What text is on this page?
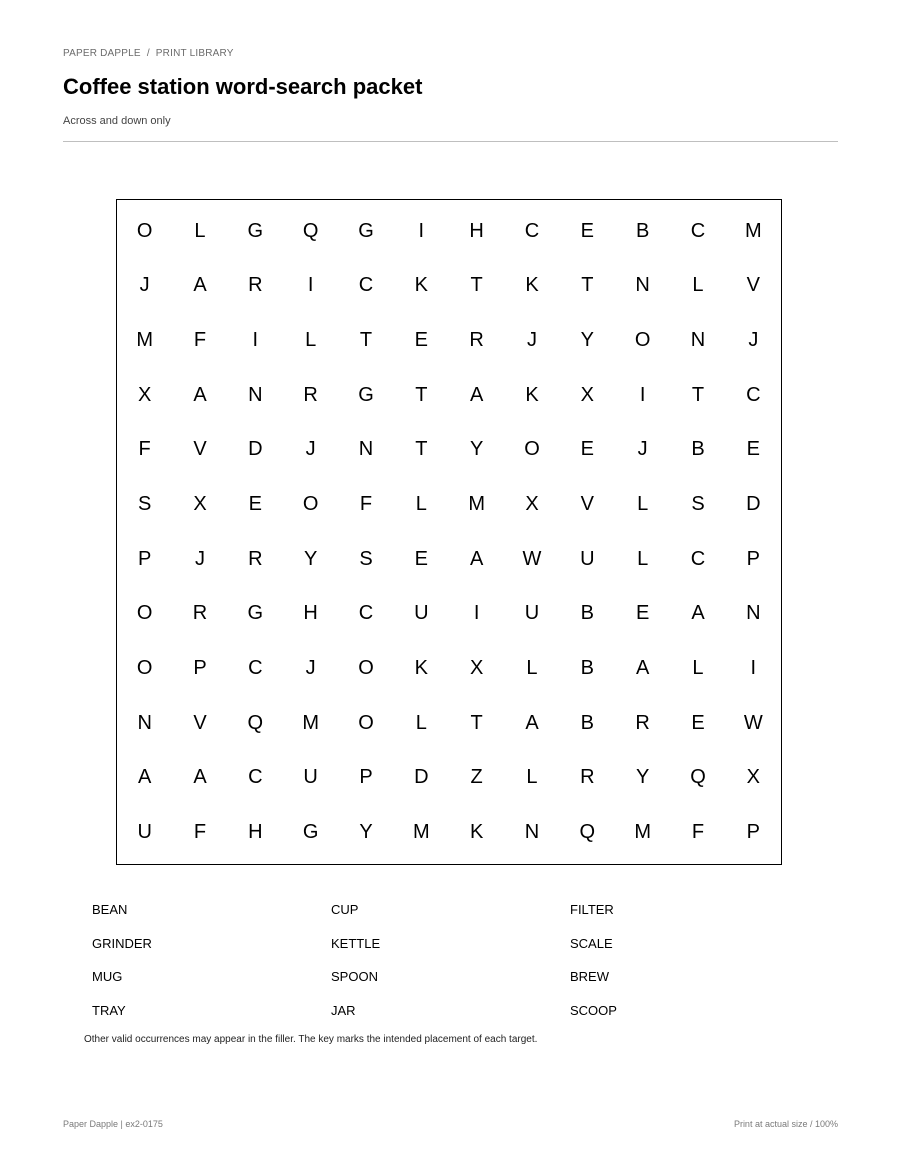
PAPER DAPPLE / PRINT LIBRARY
Coffee station word-search packet
Across and down only
O	L	G	Q	G	I	H	C	E	B	C	M
J	A	R	I	C	K	T	K	T	N	L	V
M	F	I	L	T	E	R	J	Y	O	N	J
X	A	N	R	G	T	A	K	X	I	T	C
F	V	D	J	N	T	Y	O	E	J	B	E
S	X	E	O	F	L	M	X	V	L	S	D
P	J	R	Y	S	E	A	W	U	L	C	P
O	R	G	H	C	U	I	U	B	E	A	N
O	P	C	J	O	K	X	L	B	A	L	I
N	V	Q	M	O	L	T	A	B	R	E	W
A	A	C	U	P	D	Z	L	R	Y	Q	X
U	F	H	G	Y	M	K	N	Q	M	F	P
BEAN	CUP	FILTER
GRINDER	KETTLE	SCALE
MUG	SPOON	BREW
TRAY	JAR	SCOOP
Other valid occurrences may appear in the filler. The key marks the intended placement of each target.
Paper Dapple | ex2-0175	Print at actual size / 100%
